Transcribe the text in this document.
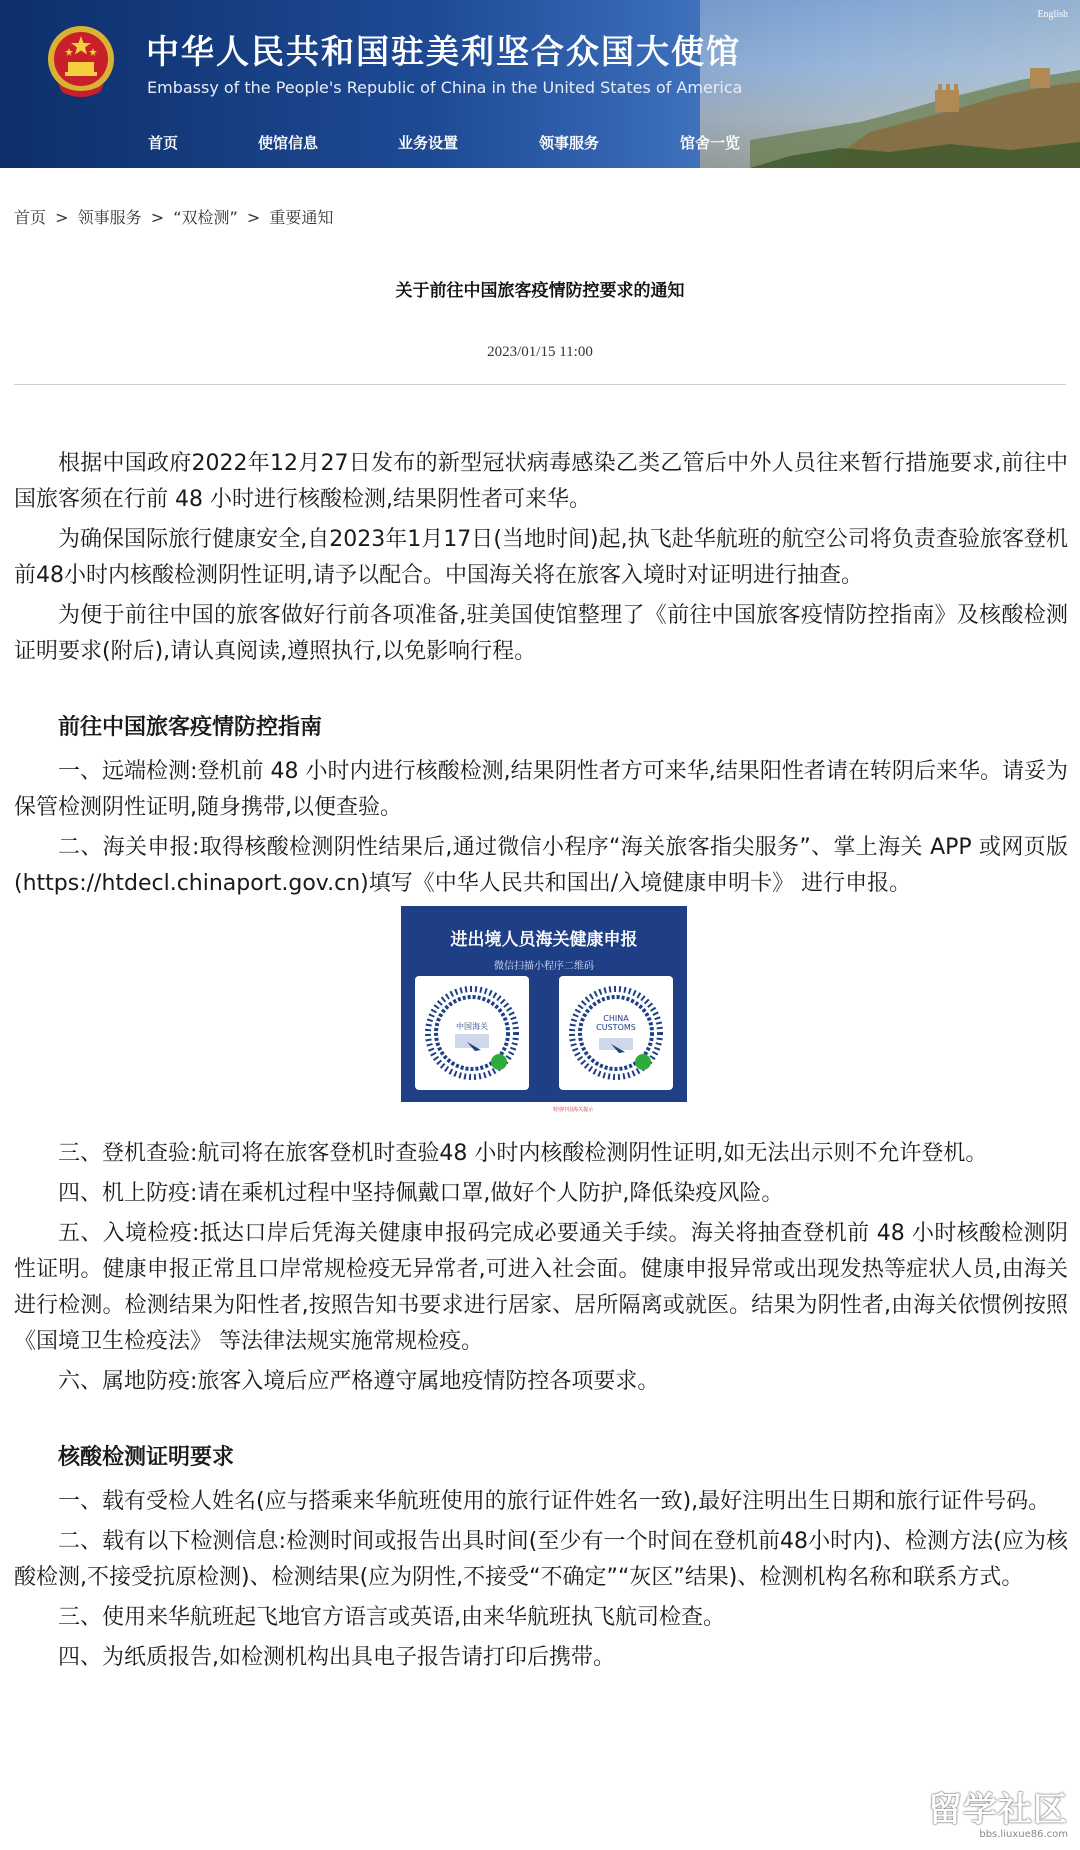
中华人民共和国驻美利坚合众国大使馆
Embassy of the People's Republic of China in the United States of America
English
首页	使馆信息	业务设置	领事服务	馆舍一览
首页 > 领事服务 > “双检测” > 重要通知
关于前往中国旅客疫情防控要求的通知
2023/01/15 11:00

根据中国政府2022年12月27日发布的新型冠状病毒感染乙类乙管后中外人员往来暂行措施要求,前往中国旅客须在行前 48 小时进行核酸检测,结果阴性者可来华。

为确保国际旅行健康安全,自2023年1月17日(当地时间)起,执飞赴华航班的航空公司将负责查验旅客登机前48小时内核酸检测阴性证明,请予以配合。中国海关将在旅客入境时对证明进行抽查。

为便于前往中国的旅客做好行前各项准备,驻美国使馆整理了《前往中国旅客疫情防控指南》及核酸检测证明要求(附后),请认真阅读,遵照执行,以免影响行程。

前往中国旅客疫情防控指南

一、远端检测:登机前 48 小时内进行核酸检测,结果阴性者方可来华,结果阳性者请在转阴后来华。请妥为保管检测阴性证明,随身携带,以便查验。

二、海关申报:取得核酸检测阴性结果后,通过微信小程序“海关旅客指尖服务”、掌上海关 APP 或网页版(https://htdecl.chinaport.gov.cn)填写《中华人民共和国出/入境健康申明卡》 进行申报。

进出境人员海关健康申报
微信扫描小程序二维码
中国海关
CHINA
CUSTOMS
特别中国海关提示

三、登机查验:航司将在旅客登机时查验48 小时内核酸检测阴性证明,如无法出示则不允许登机。

四、机上防疫:请在乘机过程中坚持佩戴口罩,做好个人防护,降低染疫风险。

五、入境检疫:抵达口岸后凭海关健康申报码完成必要通关手续。海关将抽查登机前 48 小时核酸检测阴性证明。健康申报正常且口岸常规检疫无异常者,可进入社会面。健康申报异常或出现发热等症状人员,由海关进行检测。检测结果为阳性者,按照告知书要求进行居家、居所隔离或就医。结果为阴性者,由海关依惯例按照 《国境卫生检疫法》 等法律法规实施常规检疫。

六、属地防疫:旅客入境后应严格遵守属地疫情防控各项要求。

核酸检测证明要求

一、载有受检人姓名(应与搭乘来华航班使用的旅行证件姓名一致),最好注明出生日期和旅行证件号码。

二、载有以下检测信息:检测时间或报告出具时间(至少有一个时间在登机前48小时内)、检测方法(应为核酸检测,不接受抗原检测)、检测结果(应为阴性,不接受“不确定”“灰区”结果)、检测机构名称和联系方式。

三、使用来华航班起飞地官方语言或英语,由来华航班执飞航司检查。

四、为纸质报告,如检测机构出具电子报告请打印后携带。

留学社区
bbs.liuxue86.com
